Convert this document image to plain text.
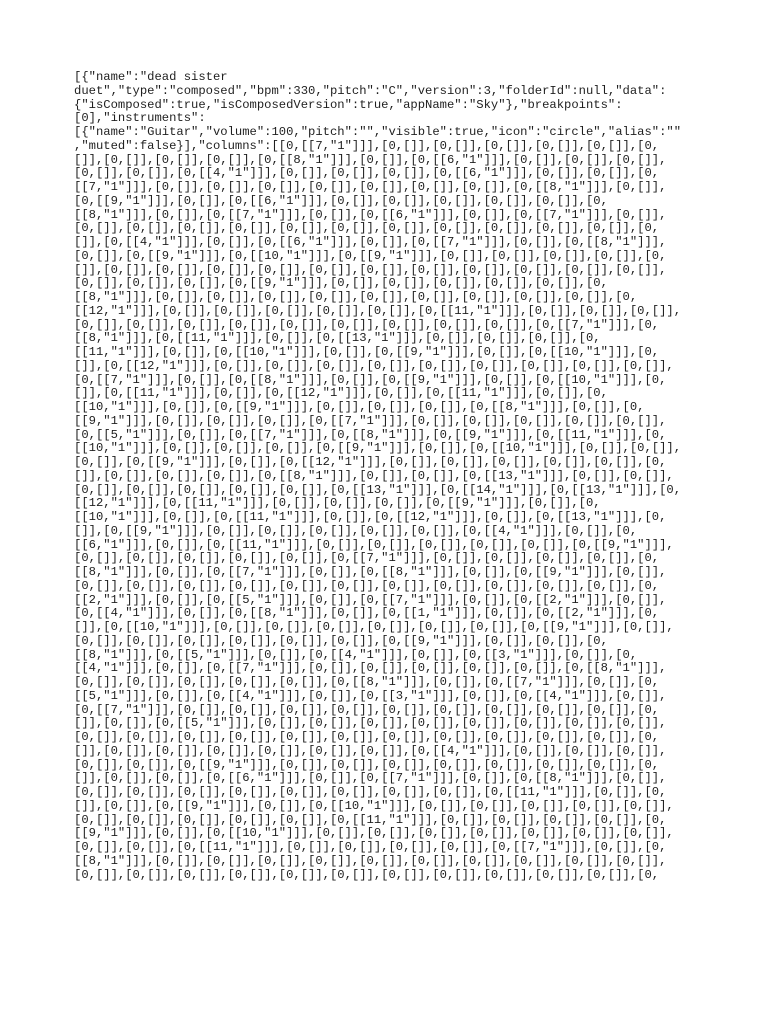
[{"name":"dead sister
duet","type":"composed","bpm":330,"pitch":"C","version":3,"folderId":null,"data":
{"isComposed":true,"isComposedVersion":true,"appName":"Sky"},"breakpoints":
[0],"instruments":
[{"name":"Guitar","volume":100,"pitch":"","visible":true,"icon":"circle","alias":""
,"muted":false}],"columns":[[0,[[7,"1"]]],[0,[]],[0,[]],[0,[]],[0,[]],[0,[]],[0,
[]],[0,[]],[0,[]],[0,[]],[0,[[8,"1"]]],[0,[]],[0,[[6,"1"]]],[0,[]],[0,[]],[0,[]],
[0,[]],[0,[]],[0,[[4,"1"]]],[0,[]],[0,[]],[0,[]],[0,[[6,"1"]]],[0,[]],[0,[]],[0,
[[7,"1"]]],[0,[]],[0,[]],[0,[]],[0,[]],[0,[]],[0,[]],[0,[]],[0,[[8,"1"]]],[0,[]],
[0,[[9,"1"]]],[0,[]],[0,[[6,"1"]]],[0,[]],[0,[]],[0,[]],[0,[]],[0,[]],[0,
[[8,"1"]]],[0,[]],[0,[[7,"1"]]],[0,[]],[0,[[6,"1"]]],[0,[]],[0,[[7,"1"]]],[0,[]],
[0,[]],[0,[]],[0,[]],[0,[]],[0,[]],[0,[]],[0,[]],[0,[]],[0,[]],[0,[]],[0,[]],[0,
[]],[0,[[4,"1"]]],[0,[]],[0,[[6,"1"]]],[0,[]],[0,[[7,"1"]]],[0,[]],[0,[[8,"1"]]],
[0,[]],[0,[[9,"1"]]],[0,[[10,"1"]]],[0,[[9,"1"]]],[0,[]],[0,[]],[0,[]],[0,[]],[0,
[]],[0,[]],[0,[]],[0,[]],[0,[]],[0,[]],[0,[]],[0,[]],[0,[]],[0,[]],[0,[]],[0,[]],
[0,[]],[0,[]],[0,[]],[0,[[9,"1"]]],[0,[]],[0,[]],[0,[]],[0,[]],[0,[]],[0,
[[8,"1"]]],[0,[]],[0,[]],[0,[]],[0,[]],[0,[]],[0,[]],[0,[]],[0,[]],[0,[]],[0,
[[12,"1"]]],[0,[]],[0,[]],[0,[]],[0,[]],[0,[]],[0,[[11,"1"]]],[0,[]],[0,[]],[0,[]],
[0,[]],[0,[]],[0,[]],[0,[]],[0,[]],[0,[]],[0,[]],[0,[]],[0,[]],[0,[[7,"1"]]],[0,
[[8,"1"]]],[0,[[11,"1"]]],[0,[]],[0,[[13,"1"]]],[0,[]],[0,[]],[0,[]],[0,
[[11,"1"]]],[0,[]],[0,[[10,"1"]]],[0,[]],[0,[[9,"1"]]],[0,[]],[0,[[10,"1"]]],[0,
[]],[0,[[12,"1"]]],[0,[]],[0,[]],[0,[]],[0,[]],[0,[]],[0,[]],[0,[]],[0,[]],[0,[]],
[0,[[7,"1"]]],[0,[]],[0,[[8,"1"]]],[0,[]],[0,[[9,"1"]]],[0,[]],[0,[[10,"1"]]],[0,
[]],[0,[[11,"1"]]],[0,[]],[0,[[12,"1"]]],[0,[]],[0,[[11,"1"]]],[0,[]],[0,
[[10,"1"]]],[0,[]],[0,[[9,"1"]]],[0,[]],[0,[]],[0,[]],[0,[[8,"1"]]],[0,[]],[0,
[[9,"1"]]],[0,[]],[0,[]],[0,[]],[0,[[7,"1"]]],[0,[]],[0,[]],[0,[]],[0,[]],[0,[]],
[0,[[5,"1"]]],[0,[]],[0,[[7,"1"]]],[0,[[8,"1"]]],[0,[[9,"1"]]],[0,[[11,"1"]]],[0,
[[10,"1"]]],[0,[]],[0,[]],[0,[]],[0,[[9,"1"]]],[0,[]],[0,[[10,"1"]]],[0,[]],[0,[]],
[0,[]],[0,[[9,"1"]]],[0,[]],[0,[[12,"1"]]],[0,[]],[0,[]],[0,[]],[0,[]],[0,[]],[0,
[]],[0,[]],[0,[]],[0,[]],[0,[[8,"1"]]],[0,[]],[0,[]],[0,[[13,"1"]]],[0,[]],[0,[]],
[0,[]],[0,[]],[0,[]],[0,[]],[0,[]],[0,[[13,"1"]]],[0,[[14,"1"]]],[0,[[13,"1"]]],[0,
[[12,"1"]]],[0,[[11,"1"]]],[0,[]],[0,[]],[0,[]],[0,[[9,"1"]]],[0,[]],[0,
[[10,"1"]]],[0,[]],[0,[[11,"1"]]],[0,[]],[0,[[12,"1"]]],[0,[]],[0,[[13,"1"]]],[0,
[]],[0,[[9,"1"]]],[0,[]],[0,[]],[0,[]],[0,[]],[0,[]],[0,[[4,"1"]]],[0,[]],[0,
[[6,"1"]]],[0,[]],[0,[[11,"1"]]],[0,[]],[0,[]],[0,[]],[0,[]],[0,[]],[0,[[9,"1"]]],
[0,[]],[0,[]],[0,[]],[0,[]],[0,[]],[0,[[7,"1"]]],[0,[]],[0,[]],[0,[]],[0,[]],[0,
[[8,"1"]]],[0,[]],[0,[[7,"1"]]],[0,[]],[0,[[8,"1"]]],[0,[]],[0,[[9,"1"]]],[0,[]],
[0,[]],[0,[]],[0,[]],[0,[]],[0,[]],[0,[]],[0,[]],[0,[]],[0,[]],[0,[]],[0,[]],[0,
[[2,"1"]]],[0,[]],[0,[[5,"1"]]],[0,[]],[0,[[7,"1"]]],[0,[]],[0,[[2,"1"]]],[0,[]],
[0,[[4,"1"]]],[0,[]],[0,[[8,"1"]]],[0,[]],[0,[[1,"1"]]],[0,[]],[0,[[2,"1"]]],[0,
[]],[0,[[10,"1"]]],[0,[]],[0,[]],[0,[]],[0,[]],[0,[]],[0,[]],[0,[[9,"1"]]],[0,[]],
[0,[]],[0,[]],[0,[]],[0,[]],[0,[]],[0,[]],[0,[[9,"1"]]],[0,[]],[0,[]],[0,
[[8,"1"]]],[0,[[5,"1"]]],[0,[]],[0,[[4,"1"]]],[0,[]],[0,[[3,"1"]]],[0,[]],[0,
[[4,"1"]]],[0,[]],[0,[[7,"1"]]],[0,[]],[0,[]],[0,[]],[0,[]],[0,[]],[0,[[8,"1"]]],
[0,[]],[0,[]],[0,[]],[0,[]],[0,[]],[0,[[8,"1"]]],[0,[]],[0,[[7,"1"]]],[0,[]],[0,
[[5,"1"]]],[0,[]],[0,[[4,"1"]]],[0,[]],[0,[[3,"1"]]],[0,[]],[0,[[4,"1"]]],[0,[]],
[0,[[7,"1"]]],[0,[]],[0,[]],[0,[]],[0,[]],[0,[]],[0,[]],[0,[]],[0,[]],[0,[]],[0,
[]],[0,[]],[0,[[5,"1"]]],[0,[]],[0,[]],[0,[]],[0,[]],[0,[]],[0,[]],[0,[]],[0,[]],
[0,[]],[0,[]],[0,[]],[0,[]],[0,[]],[0,[]],[0,[]],[0,[]],[0,[]],[0,[]],[0,[]],[0,
[]],[0,[]],[0,[]],[0,[]],[0,[]],[0,[]],[0,[]],[0,[[4,"1"]]],[0,[]],[0,[]],[0,[]],
[0,[]],[0,[]],[0,[[9,"1"]]],[0,[]],[0,[]],[0,[]],[0,[]],[0,[]],[0,[]],[0,[]],[0,
[]],[0,[]],[0,[]],[0,[[6,"1"]]],[0,[]],[0,[[7,"1"]]],[0,[]],[0,[[8,"1"]]],[0,[]],
[0,[]],[0,[]],[0,[]],[0,[]],[0,[]],[0,[]],[0,[]],[0,[]],[0,[[11,"1"]]],[0,[]],[0,
[]],[0,[]],[0,[[9,"1"]]],[0,[]],[0,[[10,"1"]]],[0,[]],[0,[]],[0,[]],[0,[]],[0,[]],
[0,[]],[0,[]],[0,[]],[0,[]],[0,[]],[0,[[11,"1"]]],[0,[]],[0,[]],[0,[]],[0,[]],[0,
[[9,"1"]]],[0,[]],[0,[[10,"1"]]],[0,[]],[0,[]],[0,[]],[0,[]],[0,[]],[0,[]],[0,[]],
[0,[]],[0,[]],[0,[[11,"1"]]],[0,[]],[0,[]],[0,[]],[0,[]],[0,[[7,"1"]]],[0,[]],[0,
[[8,"1"]]],[0,[]],[0,[]],[0,[]],[0,[]],[0,[]],[0,[]],[0,[]],[0,[]],[0,[]],[0,[]],
[0,[]],[0,[]],[0,[]],[0,[]],[0,[]],[0,[]],[0,[]],[0,[]],[0,[]],[0,[]],[0,[]],[0,
